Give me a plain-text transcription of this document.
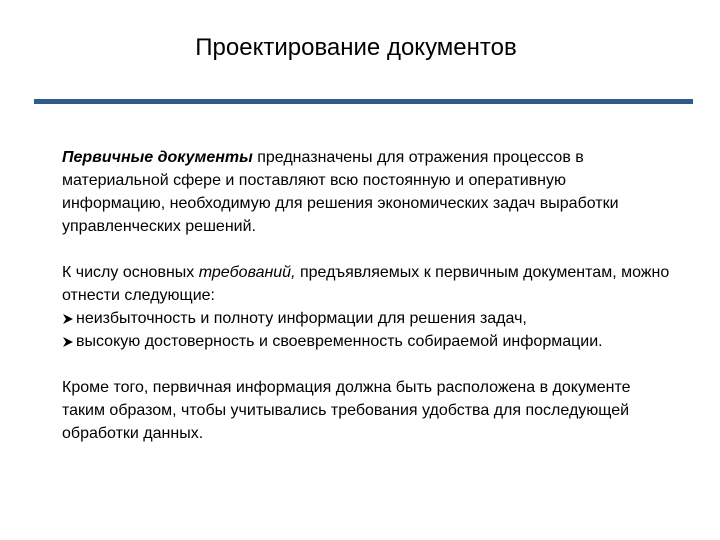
Проектирование документов

Первичные документы предназначены для отражения процессов в материальной сфере и поставляют всю постоянную и оперативную информацию, необходимую для решения экономических задач выработки управленческих решений.

К числу основных требований, предъявляемых к первичным документам, можно отнести следующие:

неизбыточность и полноту информации для решения задач,
высокую достоверность и своевременность собираемой информации.

Кроме того, первичная информация должна быть расположена в документе таким образом, чтобы учитывались требования удобства для последующей обработки данных.
